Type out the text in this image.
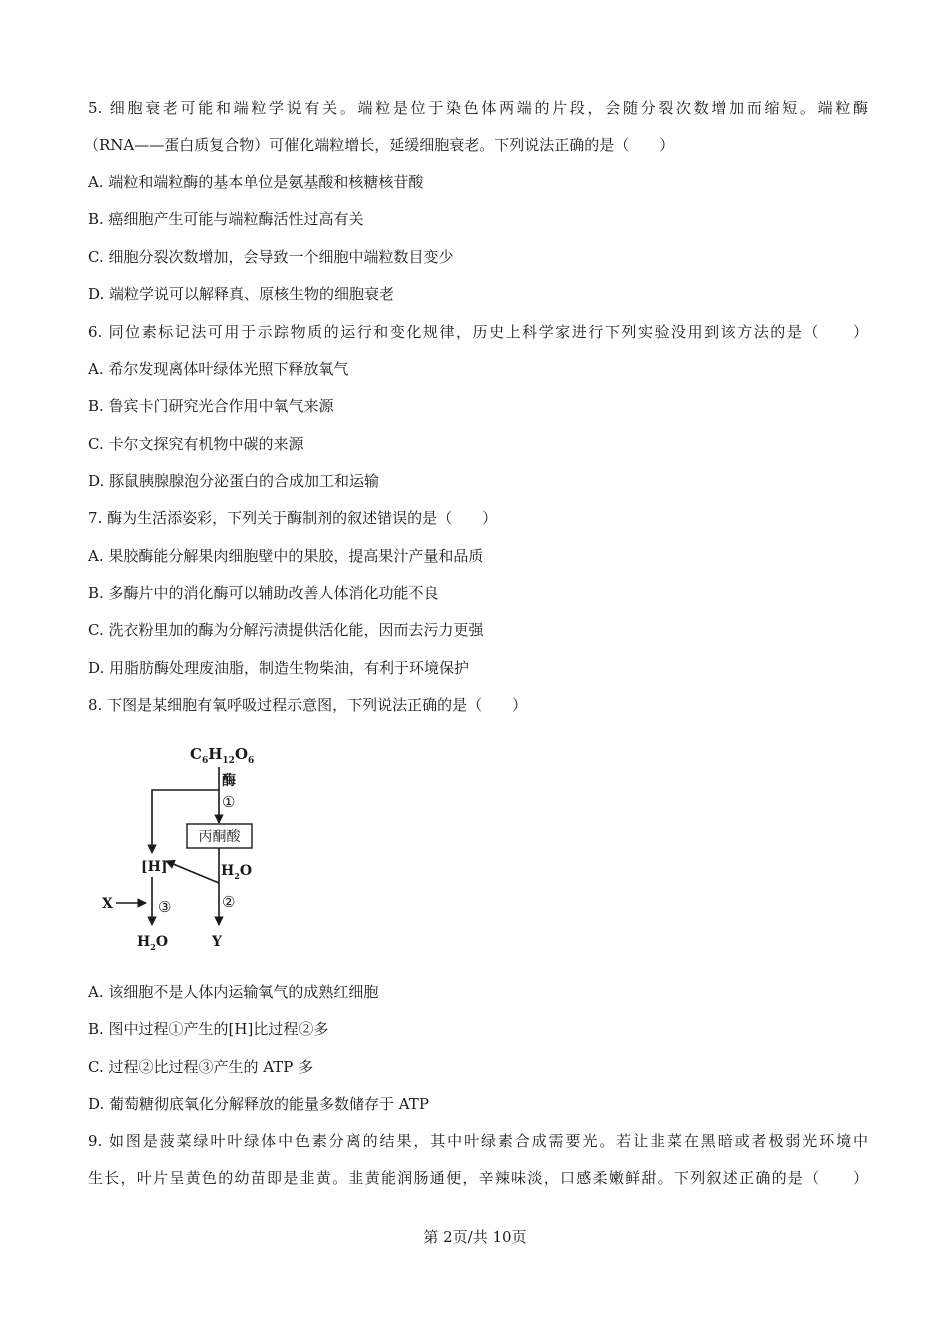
5. 细胞衰老可能和端粒学说有关。端粒是位于染色体两端的片段，会随分裂次数增加而缩短。端粒酶
（RNA——蛋白质复合物）可催化端粒增长，延缓细胞衰老。下列说法正确的是（　　）
A. 端粒和端粒酶的基本单位是氨基酸和核糖核苷酸
B. 癌细胞产生可能与端粒酶活性过高有关
C. 细胞分裂次数增加，会导致一个细胞中端粒数目变少
D. 端粒学说可以解释真、原核生物的细胞衰老
6. 同位素标记法可用于示踪物质的运行和变化规律，历史上科学家进行下列实验没用到该方法的是（　　）
A. 希尔发现离体叶绿体光照下释放氧气
B. 鲁宾卡门研究光合作用中氧气来源
C. 卡尔文探究有机物中碳的来源
D. 豚鼠胰腺腺泡分泌蛋白的合成加工和运输
7. 酶为生活添姿彩，下列关于酶制剂的叙述错误的是（　　）
A. 果胶酶能分解果肉细胞壁中的果胶，提高果汁产量和品质
B. 多酶片中的消化酶可以辅助改善人体消化功能不良
C. 洗衣粉里加的酶为分解污渍提供活化能，因而去污力更强
D. 用脂肪酶处理废油脂，制造生物柴油，有利于环境保护
8. 下图是某细胞有氧呼吸过程示意图，下列说法正确的是（　　）
$C_6H_{12}O_6$
酶
①
丙酮酸
[H]	$H_2O$
②
X	③
$H_2O$	Y
A. 该细胞不是人体内运输氧气的成熟红细胞
B. 图中过程①产生的[H]比过程②多
C. 过程②比过程③产生的 ATP 多
D. 葡萄糖彻底氧化分解释放的能量多数储存于 ATP
9. 如图是菠菜绿叶叶绿体中色素分离的结果，其中叶绿素合成需要光。若让韭菜在黑暗或者极弱光环境中
生长，叶片呈黄色的幼苗即是韭黄。韭黄能润肠通便，辛辣味淡，口感柔嫩鲜甜。下列叙述正确的是（　　）
第 2页/共 10页
